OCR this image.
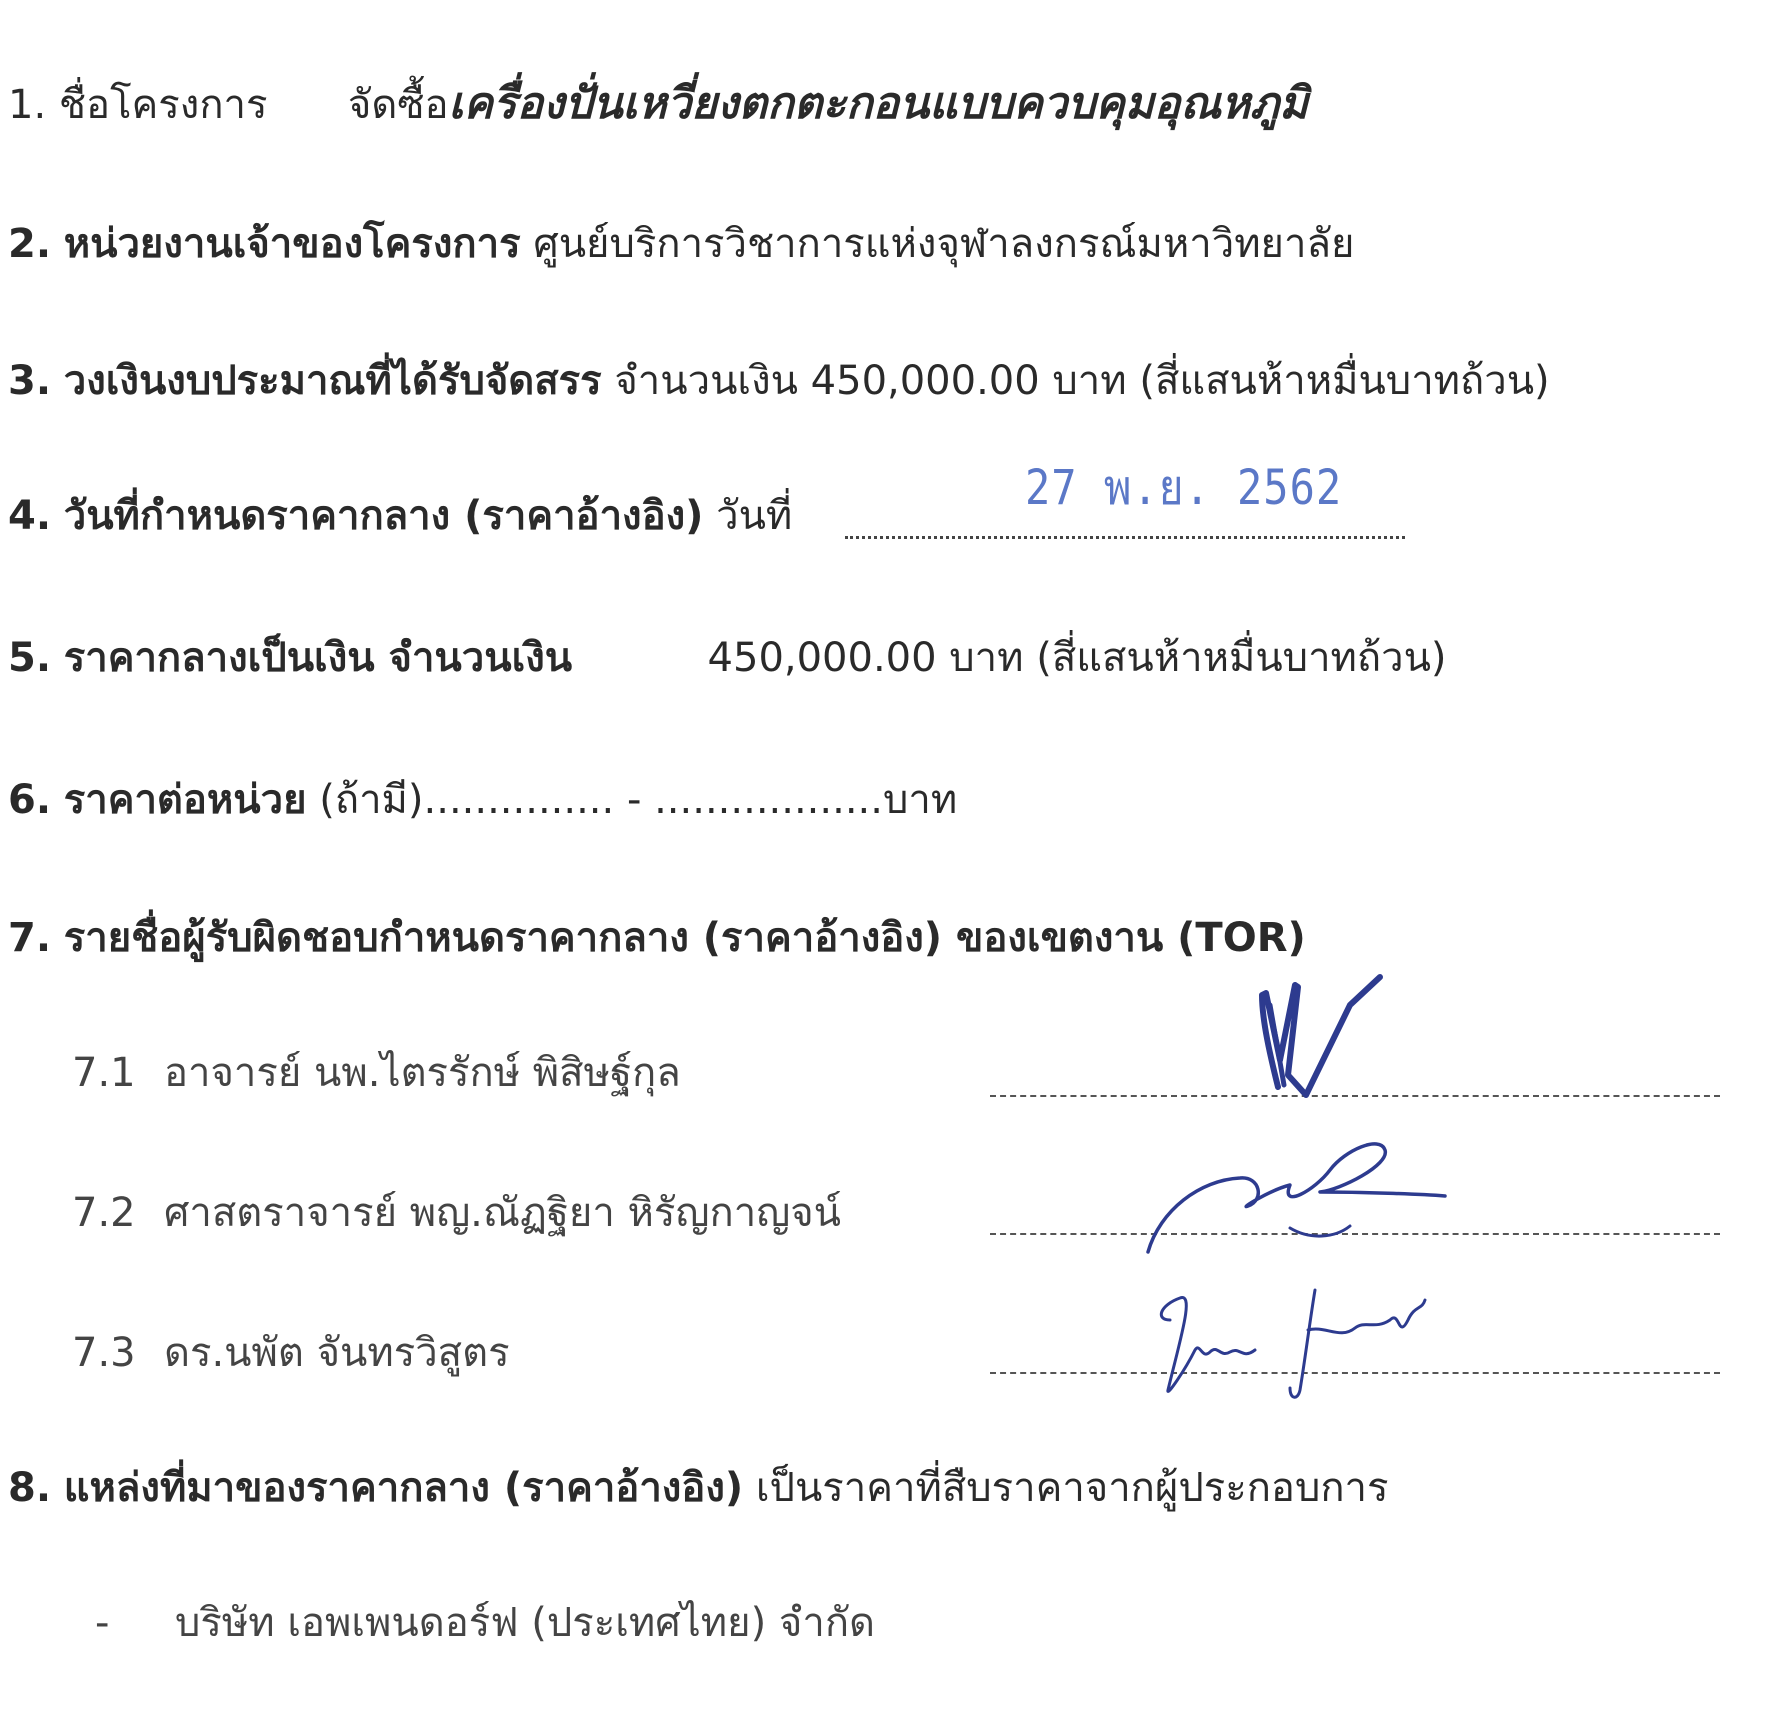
1. ชื่อโครงการ จัดซื้อเครื่องปั่นเหวี่ยงตกตะกอนแบบควบคุมอุณหภูมิ
2. หน่วยงานเจ้าของโครงการ ศูนย์บริการวิชาการแห่งจุฬาลงกรณ์มหาวิทยาลัย
3. วงเงินงบประมาณที่ได้รับจัดสรร จำนวนเงิน 450,000.00 บาท (สี่แสนห้าหมื่นบาทถ้วน)
4. วันที่กำหนดราคากลาง (ราคาอ้างอิง) วันที่
27 พ.ย. 2562
5. ราคากลางเป็นเงิน จำนวนเงิน	450,000.00 บาท (สี่แสนห้าหมื่นบาทถ้วน)
6. ราคาต่อหน่วย (ถ้ามี)............... - ..................บาท
7. รายชื่อผู้รับผิดชอบกำหนดราคากลาง (ราคาอ้างอิง) ของเขตงาน (TOR)
7.1 อาจารย์ นพ.ไตรรักษ์ พิสิษฐ์กุล
7.2 ศาสตราจารย์ พญ.ณัฏฐิยา หิรัญกาญจน์
7.3 ดร.นพัต จันทรวิสูตร
8. แหล่งที่มาของราคากลาง (ราคาอ้างอิง) เป็นราคาที่สืบราคาจากผู้ประกอบการ
- บริษัท เอพเพนดอร์ฟ (ประเทศไทย) จำกัด
